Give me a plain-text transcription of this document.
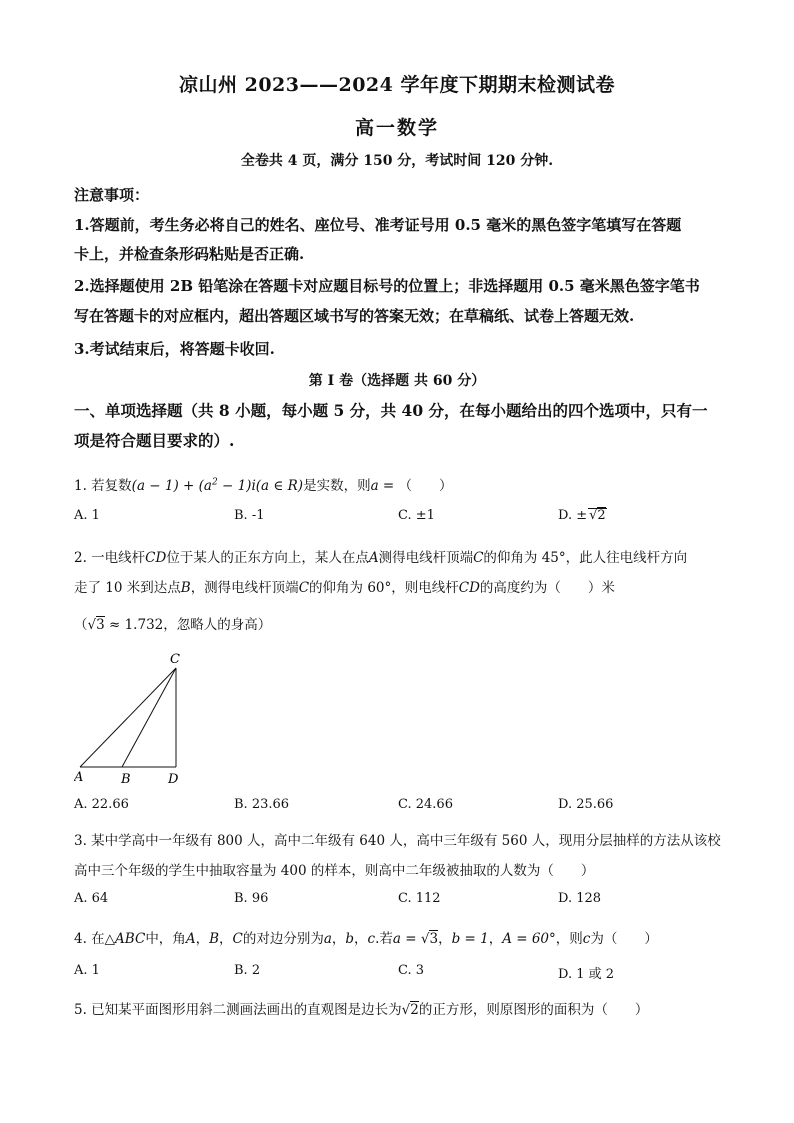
凉山州 2023——2024 学年度下期期末检测试卷
高一数学
全卷共 4 页，满分 150 分，考试时间 120 分钟.
注意事项：
1.答题前，考生务必将自己的姓名、座位号、准考证号用 0.5 毫米的黑色签字笔填写在答题
卡上，并检查条形码粘贴是否正确.
2.选择题使用 2B 铅笔涂在答题卡对应题目标号的位置上；非选择题用 0.5 毫米黑色签字笔书
写在答题卡的对应框内，超出答题区域书写的答案无效；在草稿纸、试卷上答题无效.
3.考试结束后，将答题卡收回.
第 I 卷（选择题 共 60 分）
一、单项选择题（共 8 小题，每小题 5 分，共 40 分，在每小题给出的四个选项中，只有一
项是符合题目要求的）.
1. 若复数$(a - 1) + (a^2 - 1)i(a$ ∈ R)是实数，则a = （　　）
A. 1	B. -1	C. ±1	D. ± √2
2. 一电线杆CD位于某人的正东方向上，某人在点A测得电线杆顶端C的仰角为 45°，此人往电线杆方向
走了 10 米到达点B，测得电线杆顶端C的仰角为 60°，则电线杆CD的高度约为（　　）米
（√3 ≈ 1.732，忽略人的身高）
C
A	B	D
A. 22.66	B. 23.66	C. 24.66	D. 25.66
3. 某中学高中一年级有 800 人，高中二年级有 640 人，高中三年级有 560 人，现用分层抽样的方法从该校
高中三个年级的学生中抽取容量为 400 的样本，则高中二年级被抽取的人数为（　　）
A. 64	B. 96	C. 112	D. 128
4. 在△ABC中，角A，B，C的对边分别为a，b，c.若a = √3，b = 1，A = 60°，则c为（　　）
A. 1	B. 2	C. 3	D. 1 或 2
5. 已知某平面图形用斜二测画法画出的直观图是边长为√2的正方形，则原图形的面积为（　　）
